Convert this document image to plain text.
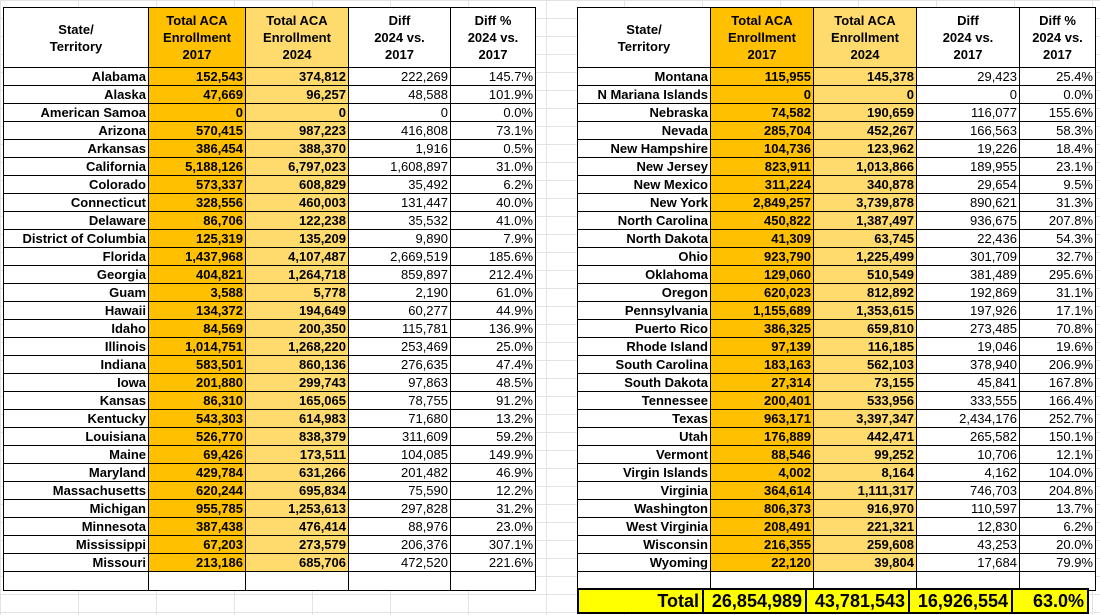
State/
Territory	Total ACA
Enrollment
2017	Total ACA
Enrollment
2024	Diff
2024 vs.
2017	Diff %
2024 vs.
2017
Alabama	152,543	374,812	222,269	145.7%
Alaska	47,669	96,257	48,588	101.9%
American Samoa	0	0	0	0.0%
Arizona	570,415	987,223	416,808	73.1%
Arkansas	386,454	388,370	1,916	0.5%
California	5,188,126	6,797,023	1,608,897	31.0%
Colorado	573,337	608,829	35,492	6.2%
Connecticut	328,556	460,003	131,447	40.0%
Delaware	86,706	122,238	35,532	41.0%
District of Columbia	125,319	135,209	9,890	7.9%
Florida	1,437,968	4,107,487	2,669,519	185.6%
Georgia	404,821	1,264,718	859,897	212.4%
Guam	3,588	5,778	2,190	61.0%
Hawaii	134,372	194,649	60,277	44.9%
Idaho	84,569	200,350	115,781	136.9%
Illinois	1,014,751	1,268,220	253,469	25.0%
Indiana	583,501	860,136	276,635	47.4%
Iowa	201,880	299,743	97,863	48.5%
Kansas	86,310	165,065	78,755	91.2%
Kentucky	543,303	614,983	71,680	13.2%
Louisiana	526,770	838,379	311,609	59.2%
Maine	69,426	173,511	104,085	149.9%
Maryland	429,784	631,266	201,482	46.9%
Massachusetts	620,244	695,834	75,590	12.2%
Michigan	955,785	1,253,613	297,828	31.2%
Minnesota	387,438	476,414	88,976	23.0%
Mississippi	67,203	273,579	206,376	307.1%
Missouri	213,186	685,706	472,520	221.6%

State/
Territory	Total ACA
Enrollment
2017	Total ACA
Enrollment
2024	Diff
2024 vs.
2017	Diff %
2024 vs.
2017
Montana	115,955	145,378	29,423	25.4%
N Mariana Islands	0	0	0	0.0%
Nebraska	74,582	190,659	116,077	155.6%
Nevada	285,704	452,267	166,563	58.3%
New Hampshire	104,736	123,962	19,226	18.4%
New Jersey	823,911	1,013,866	189,955	23.1%
New Mexico	311,224	340,878	29,654	9.5%
New York	2,849,257	3,739,878	890,621	31.3%
North Carolina	450,822	1,387,497	936,675	207.8%
North Dakota	41,309	63,745	22,436	54.3%
Ohio	923,790	1,225,499	301,709	32.7%
Oklahoma	129,060	510,549	381,489	295.6%
Oregon	620,023	812,892	192,869	31.1%
Pennsylvania	1,155,689	1,353,615	197,926	17.1%
Puerto Rico	386,325	659,810	273,485	70.8%
Rhode Island	97,139	116,185	19,046	19.6%
South Carolina	183,163	562,103	378,940	206.9%
South Dakota	27,314	73,155	45,841	167.8%
Tennessee	200,401	533,956	333,555	166.4%
Texas	963,171	3,397,347	2,434,176	252.7%
Utah	176,889	442,471	265,582	150.1%
Vermont	88,546	99,252	10,706	12.1%
Virgin Islands	4,002	8,164	4,162	104.0%
Virginia	364,614	1,111,317	746,703	204.8%
Washington	806,373	916,970	110,597	13.7%
West Virginia	208,491	221,321	12,830	6.2%
Wisconsin	216,355	259,608	43,253	20.0%
Wyoming	22,120	39,804	17,684	79.9%

Total	26,854,989	43,781,543	16,926,554	63.0%
